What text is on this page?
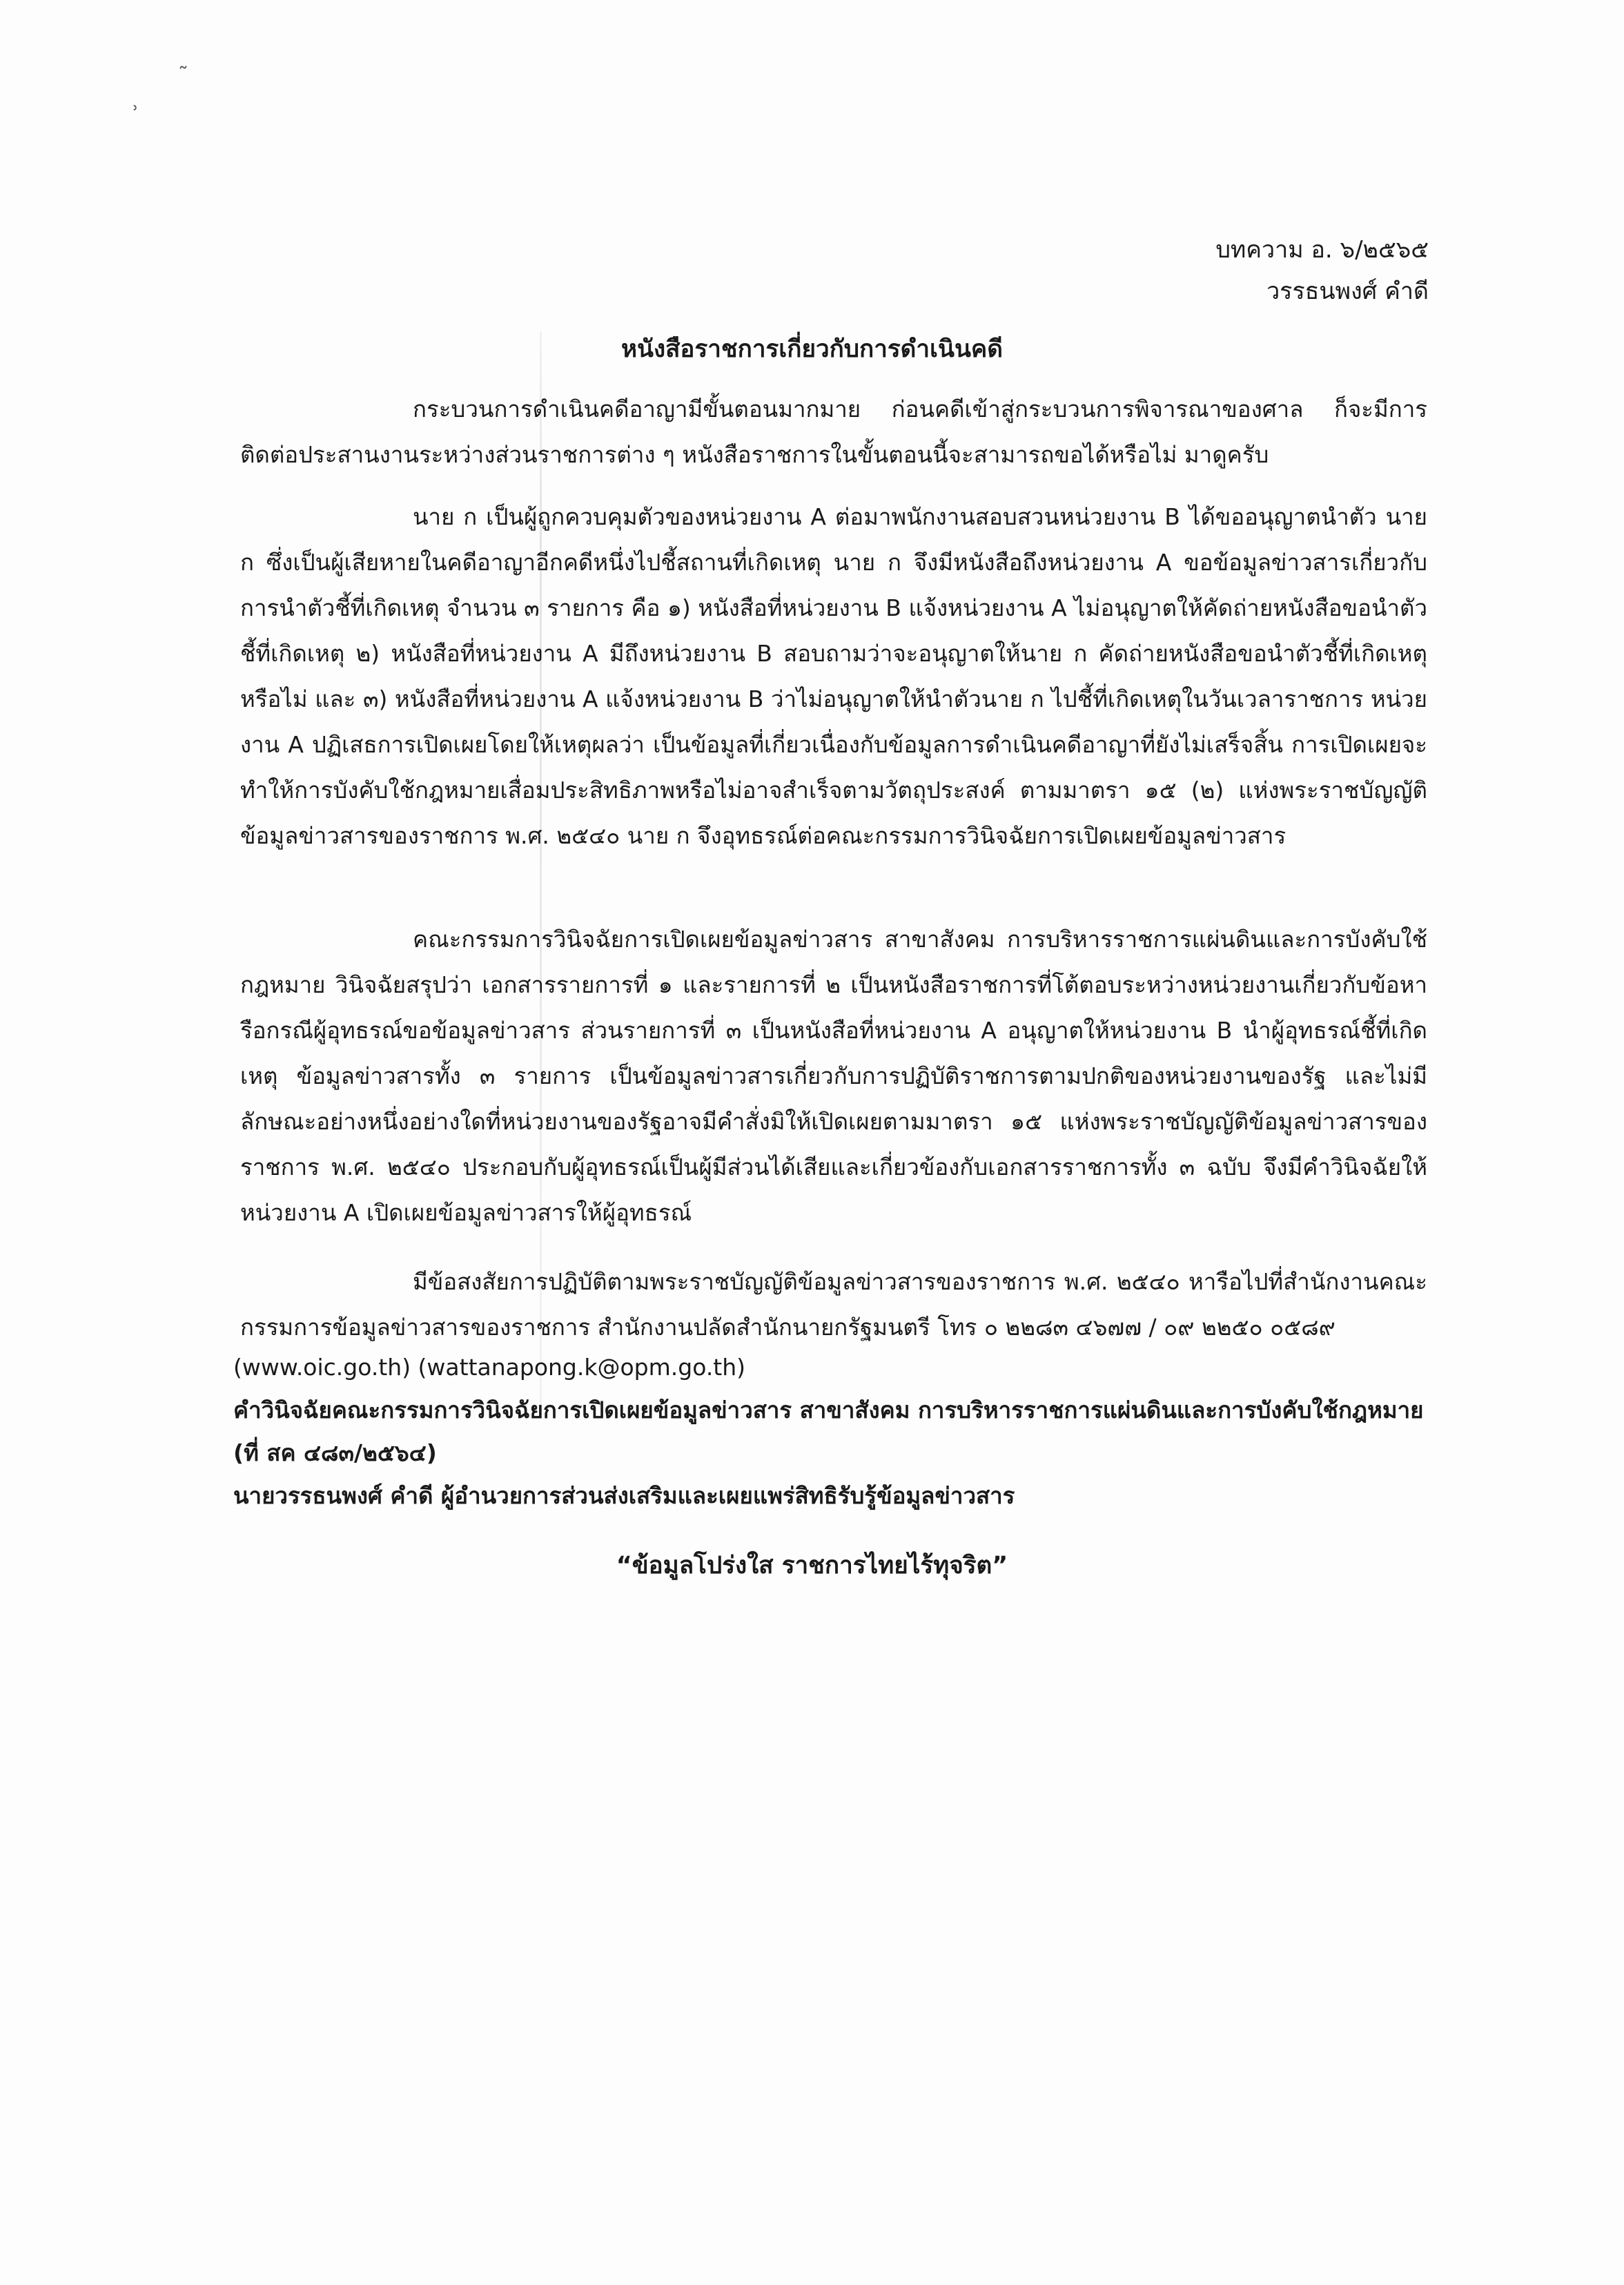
˜
ʾ
บทความ อ. ๖/๒๕๖๕
วรรธนพงศ์ คำดี
หนังสือราชการเกี่ยวกับการดำเนินคดี
กระบวนการดำเนินคดีอาญามีขั้นตอนมากมาย ก่อนคดีเข้าสู่กระบวนการพิจารณาของศาล ก็จะมีการติดต่อประสานงานระหว่างส่วนราชการต่าง ๆ หนังสือราชการในขั้นตอนนี้จะสามารถขอได้หรือไม่ มาดูครับ
นาย ก เป็นผู้ถูกควบคุมตัวของหน่วยงาน A ต่อมาพนักงานสอบสวนหน่วยงาน B ได้ขออนุญาตนำตัว นาย ก ซึ่งเป็นผู้เสียหายในคดีอาญาอีกคดีหนึ่งไปชี้สถานที่เกิดเหตุ นาย ก จึงมีหนังสือถึงหน่วยงาน A ขอข้อมูลข่าวสารเกี่ยวกับการนำตัวชี้ที่เกิดเหตุ จำนวน ๓ รายการ คือ ๑) หนังสือที่หน่วยงาน B แจ้งหน่วยงาน A ไม่อนุญาตให้คัดถ่ายหนังสือขอนำตัวชี้ที่เกิดเหตุ ๒) หนังสือที่หน่วยงาน A มีถึงหน่วยงาน B สอบถามว่าจะอนุญาตให้นาย ก คัดถ่ายหนังสือขอนำตัวชี้ที่เกิดเหตุหรือไม่ และ ๓) หนังสือที่หน่วยงาน A แจ้งหน่วยงาน B ว่าไม่อนุญาตให้นำตัวนาย ก ไปชี้ที่เกิดเหตุในวันเวลาราชการ หน่วยงาน A ปฏิเสธการเปิดเผยโดยให้เหตุผลว่า เป็นข้อมูลที่เกี่ยวเนื่องกับข้อมูลการดำเนินคดีอาญาที่ยังไม่เสร็จสิ้น การเปิดเผยจะทำให้การบังคับใช้กฎหมายเสื่อมประสิทธิภาพหรือไม่อาจสำเร็จตามวัตถุประสงค์ ตามมาตรา ๑๕ (๒) แห่งพระราชบัญญัติข้อมูลข่าวสารของราชการ พ.ศ. ๒๕๔๐ นาย ก จึงอุทธรณ์ต่อคณะกรรมการวินิจฉัยการเปิดเผยข้อมูลข่าวสาร
คณะกรรมการวินิจฉัยการเปิดเผยข้อมูลข่าวสาร สาขาสังคม การบริหารราชการแผ่นดินและการบังคับใช้กฎหมาย วินิจฉัยสรุปว่า เอกสารรายการที่ ๑ และรายการที่ ๒ เป็นหนังสือราชการที่โต้ตอบระหว่างหน่วยงานเกี่ยวกับข้อหารือกรณีผู้อุทธรณ์ขอข้อมูลข่าวสาร ส่วนรายการที่ ๓ เป็นหนังสือที่หน่วยงาน A อนุญาตให้หน่วยงาน B นำผู้อุทธรณ์ชี้ที่เกิดเหตุ ข้อมูลข่าวสารทั้ง ๓ รายการ เป็นข้อมูลข่าวสารเกี่ยวกับการปฏิบัติราชการตามปกติของหน่วยงานของรัฐ และไม่มีลักษณะอย่างหนึ่งอย่างใดที่หน่วยงานของรัฐอาจมีคำสั่งมิให้เปิดเผยตามมาตรา ๑๕ แห่งพระราชบัญญัติข้อมูลข่าวสารของราชการ พ.ศ. ๒๕๔๐ ประกอบกับผู้อุทธรณ์เป็นผู้มีส่วนได้เสียและเกี่ยวข้องกับเอกสารราชการทั้ง ๓ ฉบับ จึงมีคำวินิจฉัยให้หน่วยงาน A เปิดเผยข้อมูลข่าวสารให้ผู้อุทธรณ์
มีข้อสงสัยการปฏิบัติตามพระราชบัญญัติข้อมูลข่าวสารของราชการ พ.ศ. ๒๕๔๐ หารือไปที่สำนักงานคณะกรรมการข้อมูลข่าวสารของราชการ สำนักงานปลัดสำนักนายกรัฐมนตรี โทร ๐ ๒๒๘๓ ๔๖๗๗ / ๐๙ ๒๒๕๐ ๐๕๘๙
(www.oic.go.th) (wattanapong.k@opm.go.th)
คำวินิจฉัยคณะกรรมการวินิจฉัยการเปิดเผยข้อมูลข่าวสาร สาขาสังคม การบริหารราชการแผ่นดินและการบังคับใช้กฎหมาย (ที่ สค ๔๘๓/๒๕๖๔)
นายวรรธนพงศ์ คำดี ผู้อำนวยการส่วนส่งเสริมและเผยแพร่สิทธิรับรู้ข้อมูลข่าวสาร
“ข้อมูลโปร่งใส ราชการไทยไร้ทุจริต”
